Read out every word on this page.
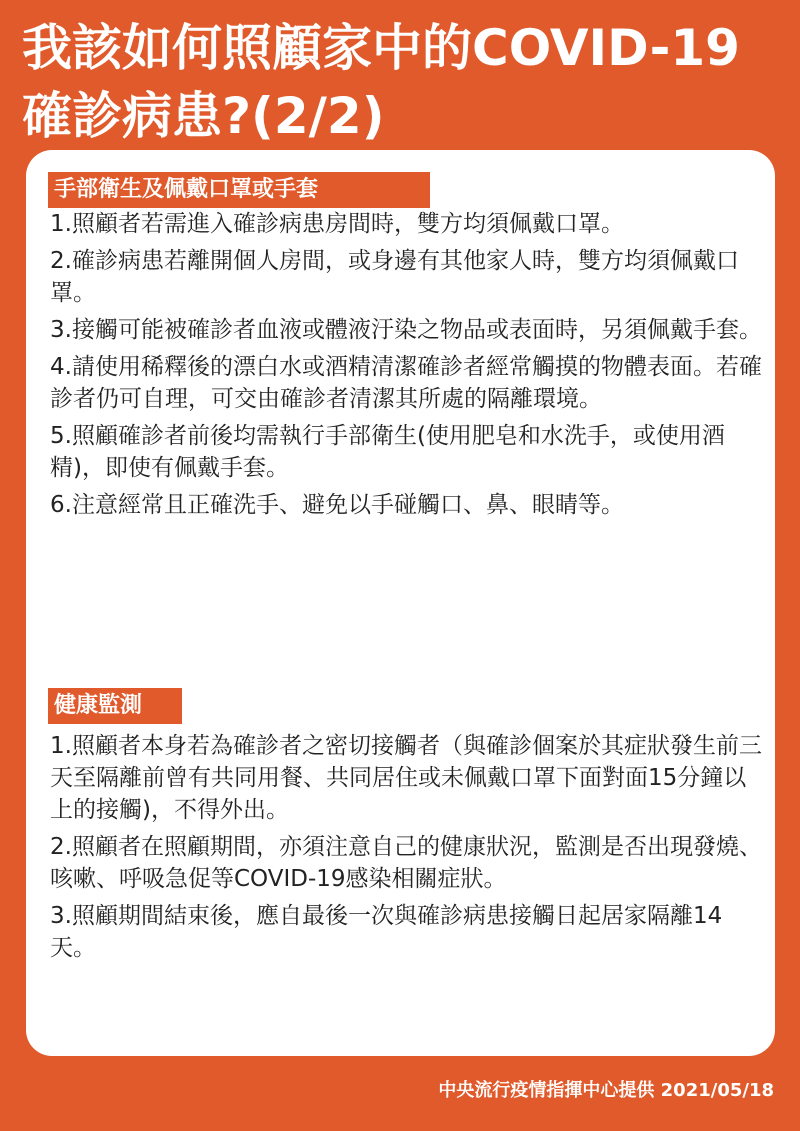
我該如何照顧家中的COVID-19
確診病患?(2/2)
手部衛生及佩戴口罩或手套
1.照顧者若需進入確診病患房間時，雙方均須佩戴口罩。
2.確診病患若離開個人房間，或身邊有其他家人時，雙方均須佩戴口罩。
3.接觸可能被確診者血液或體液汙染之物品或表面時，另須佩戴手套。
4.請使用稀釋後的漂白水或酒精清潔確診者經常觸摸的物體表面。若確診者仍可自理，可交由確診者清潔其所處的隔離環境。
5.照顧確診者前後均需執行手部衛生(使用肥皂和水洗手，或使用酒精)，即使有佩戴手套。
6.注意經常且正確洗手、避免以手碰觸口、鼻、眼睛等。
健康監測
1.照顧者本身若為確診者之密切接觸者（與確診個案於其症狀發生前三天至隔離前曾有共同用餐、共同居住或未佩戴口罩下面對面15分鐘以上的接觸)，不得外出。
2.照顧者在照顧期間，亦須注意自己的健康狀況，監測是否出現發燒、咳嗽、呼吸急促等COVID-19感染相關症狀。
3.照顧期間結束後，應自最後一次與確診病患接觸日起居家隔離14天。
中央流行疫情指揮中心提供 2021/05/18
